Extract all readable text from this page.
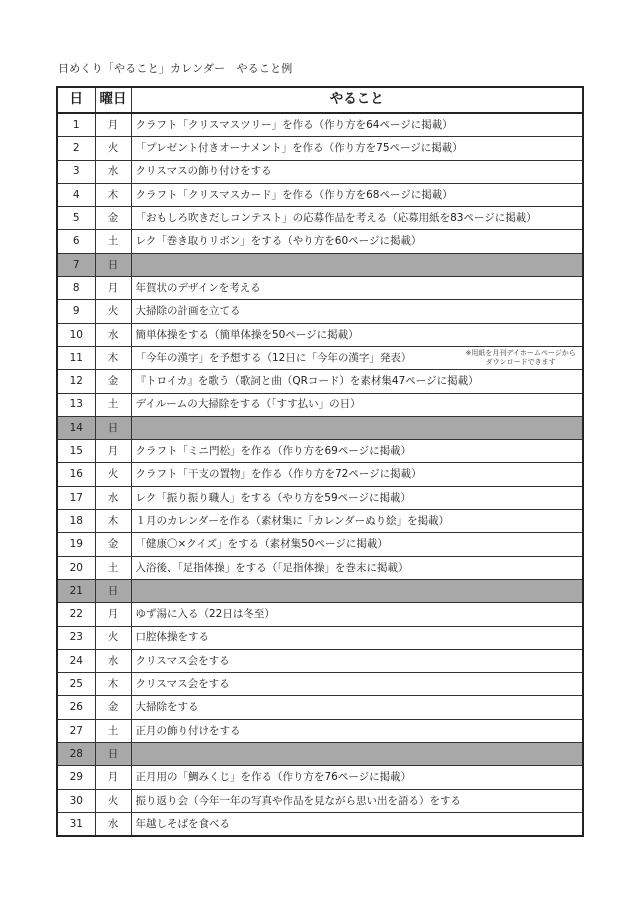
日めくり「やること」カレンダー　やること例
日	曜日	やること
1	月	クラフト「クリスマスツリー」を作る（作り方を64ページに掲載）
2	火	「プレゼント付きオーナメント」を作る（作り方を75ページに掲載）
3	水	クリスマスの飾り付けをする
4	木	クラフト「クリスマスカード」を作る（作り方を68ページに掲載）
5	金	「おもしろ吹きだしコンテスト」の応募作品を考える（応募用紙を83ページに掲載）
6	土	レク「巻き取りリボン」をする（やり方を60ページに掲載）
7	日	
8	月	年賀状のデザインを考える
9	火	大掃除の計画を立てる
10	水	簡単体操をする（簡単体操を50ページに掲載）
11	木	「今年の漢字」を予想する（12日に「今年の漢字」発表） ※用紙を月刊デイホームページから
ダウンロードできます

12	金	『トロイカ』を歌う（歌詞と曲（QRコード）を素材集47ページに掲載）
13	土	デイルームの大掃除をする（「すす払い」の日）
14	日	
15	月	クラフト「ミニ門松」を作る（作り方を69ページに掲載）
16	火	クラフト「干支の置物」を作る（作り方を72ページに掲載）
17	水	レク「振り振り職人」をする（やり方を59ページに掲載）
18	木	１月のカレンダーを作る（素材集に「カレンダーぬり絵」を掲載）
19	金	「健康〇×クイズ」をする（素材集50ページに掲載）
20	土	入浴後、「足指体操」をする（「足指体操」を巻末に掲載）
21	日	
22	月	ゆず湯に入る（22日は冬至）
23	火	口腔体操をする
24	水	クリスマス会をする
25	木	クリスマス会をする
26	金	大掃除をする
27	土	正月の飾り付けをする
28	日	
29	月	正月用の「鯛みくじ」を作る（作り方を76ページに掲載）
30	火	振り返り会（今年一年の写真や作品を見ながら思い出を語る）をする
31	水	年越しそばを食べる
